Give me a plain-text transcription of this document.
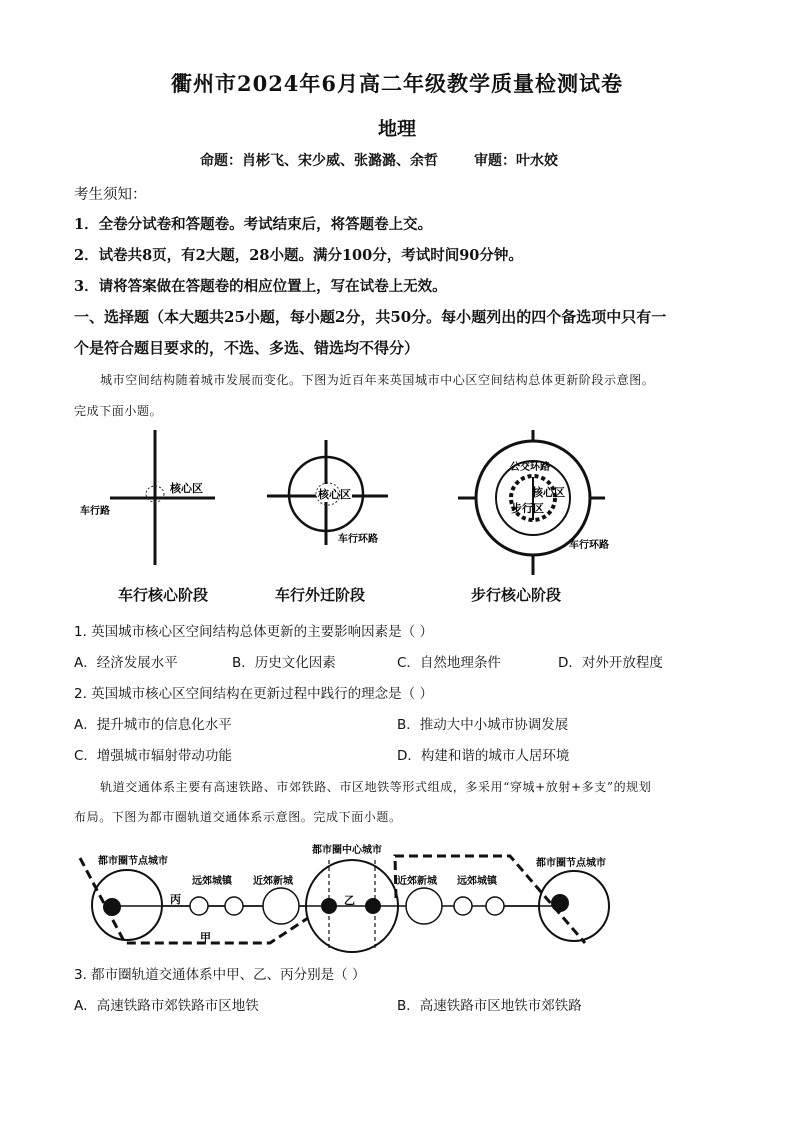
衢州市2024年6月高二年级教学质量检测试卷
地理
命题：肖彬飞、宋少威、张潞潞、余哲	审题：叶水姣
考生须知：
1．全卷分试卷和答题卷。考试结束后，将答题卷上交。
2．试卷共8页，有2大题，28小题。满分100分，考试时间90分钟。
3．请将答案做在答题卷的相应位置上，写在试卷上无效。
一、选择题（本大题共25小题，每小题2分，共50分。每小题列出的四个备选项中只有一
个是符合题目要求的，不选、多选、错选均不得分）
城市空间结构随着城市发展而变化。下图为近百年来英国城市中心区空间结构总体更新阶段示意图。
完成下面小题。
核心区
车行路
核心区
车行环路
公交环路
核心区
步行区
车行环路
车行核心阶段	车行外迁阶段	步行核心阶段
1. 英国城市核心区空间结构总体更新的主要影响因素是（ ）
A．经济发展水平	B．历史文化因素	C．自然地理条件	D．对外开放程度
2. 英国城市核心区空间结构在更新过程中践行的理念是（ ）
A．提升城市的信息化水平	B．推动大中小城市协调发展
C．增强城市辐射带动功能	D．构建和谐的城市人居环境
轨道交通体系主要有高速铁路、市郊铁路、市区地铁等形式组成，多采用“穿城+放射+多支”的规划
布局。下图为都市圈轨道交通体系示意图。完成下面小题。
都市圈节点城市
远郊城镇 近郊新城
丙	乙
都市圈中心城市
近郊新城 远郊城镇
都市圈节点城市
甲
3. 都市圈轨道交通体系中甲、乙、丙分别是（ ）
A．高速铁路市郊铁路市区地铁	B．高速铁路市区地铁市郊铁路
